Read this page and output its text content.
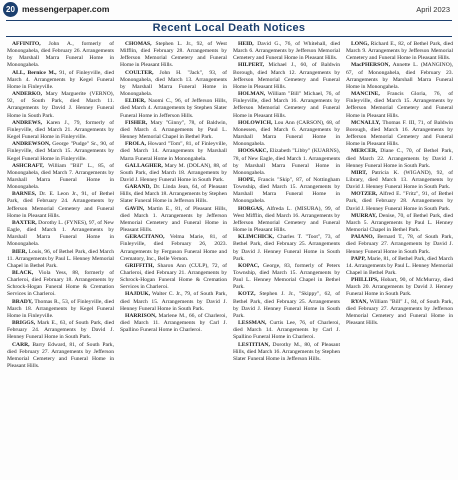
20 messengerpaper.com	April 2023
Recent Local Death Notices

AFFINITO, John A., formerly of Monongahela, died February 26. Arrangements by Marshall Marra Funeral Home in Monongahela.

ALL, Bernice M., 91, of Finleyville, died March 4. Arrangements by Kegel Funeral Home in Finleyville.

ANDERKO, Mary Marguerite (VERNO), 92, of South Park, died March 11. Arrangements by David J. Henney Funeral Home in South Park.

ANDREWS, Karen J., 79, formerly of Finleyville, died March 21. Arrangements by Kegel Funeral Home in Finleyville.

ANDREWSON, George "Pudge" Sr., 90, of Finleyville, died March 15. Arrangements by Kegel Funeral Home in Finleyville.

ASHCRAFT, William "Bill" L., 85, of Monongahela, died March 7. Arrangements by Marshall Marra Funeral Home in Monongahela.

BARNES, Dr. E. Leon Jr., 91, of Bethel Park, died February 24. Arrangements by Jefferson Memorial Cemetery and Funeral Home in Pleasant Hills.

BAXTER, Dorothy L. (FYNES), 97, of New Eagle, died March 1. Arrangements by Marshall Marra Funeral Home in Monongahela.

BIER, Louis, 96, of Bethel Park, died March 11. Arrangements by Paul L. Henney Memorial Chapel in Bethel Park.

BLACK, Viola Yess, 88, formerly of Charleroi, died February 18. Arrangements by Schrock-Hogan Funeral Home & Cremation Services in Charleroi.

BRADY, Thomas R., 53, of Finleyville, died March 18. Arrangements by Kegel Funeral Home in Finleyville.

BRIGGS, Mark E., 63, of South Park, died February 24. Arrangements by David J. Henney Funeral Home in South Park.

CARR, Barry Edward, 81, of South Park, died February 27. Arrangements by Jefferson Memorial Cemetery and Funeral Home in Pleasant Hills.

CHOMAS, Stephen L. Jr., 92, of West Mifflin, died February 28. Arrangements by Jefferson Memorial Cemetery and Funeral Home in Pleasant Hills.

COULTER, John H. "Jack", 93, of Monongahela, died March 13. Arrangements by Marshall Marra Funeral Home in Monongahela.

ELDER, Naomi C., 96, of Jefferson Hills, died March 4. Arrangements by Stephen Slater Funeral Home in Jefferson Hills.

FISHER, Mary "Ginny", 78, of Baldwin, died March 4. Arrangements by Paul L. Henney Memorial Chapel in Bethel Park.

FROLA, Howard "Tom", 81, of Finleyville, died March 14. Arrangements by Marshall Marra Funeral Home in Monongahela.

GALLAGHER, Mary M. (DOLAN), 88, of South Park, died March 18. Arrangements by David J. Henney Funeral Home in South Park.

GARAND, Dr. Linda Jean, 64, of Pleasant Hills, died March 18. Arrangements by Stephen Slater Funeral Home in Jefferson Hills.

GAVIN, Martin E., 81, of Pleasant Hills, died March 1. Arrangements by Jefferson Memorial Cemetery and Funeral Home in Pleasant Hills.

GERACITANO, Velma Marie, 81, of Finleyville, died February 26, 2023. Arrangements by Ferguson Funeral Home and Crematory, Inc., Belle Vernon.

GRIFFITH, Sharon Ann (CULP), 72, of Charleroi, died February 21. Arrangements by Schrock-Hogan Funeral Home & Cremation Services in Charleroi.

HAJDUK, Walter C. Jr., 79, of South Park, died March 15. Arrangements by David J. Henney Funeral Home in South Park.

HARRISON, Marlene M., 66, of Charleroi, died March 11. Arrangements by Carl J. Spallino Funeral Home in Charleroi.

HEID, David G., 76, of Whitehall, died March 6. Arrangements by Jefferson Memorial Cemetery and Funeral Home in Pleasant Hills.

HILPERT, Michael J., 60, of Baldwin Borough, died March 12. Arrangements by Jefferson Memorial Cemetery and Funeral Home in Pleasant Hills.

HOLMAN, William "Bill" Michael, 76, of Finleyville, died March 16. Arrangements by Jefferson Memorial Cemetery and Funeral Home in Pleasant Hills.

HOLOWICH, Lou Ann (CARSON), 68, of Monessen, died March 6. Arrangements by Marshall Marra Funeral Home in Monongahela.

HOOSAKC, Elizabeth "Libby" (KUARNS), 78, of New Eagle, died March 1. Arrangements by Marshall Marra Funeral Home in Monongahela.

HOPE, Francis "Skip", 87, of Nottingham Township, died March 15. Arrangements by Marshall Marra Funeral Home in Monongahela.

HORGAS, Alfreda L. (MISURA), 99, of West Mifflin, died March 16. Arrangements by Jefferson Memorial Cemetery and Funeral Home in Pleasant Hills.

KLIMCHICK, Charles T. "Toot", 73, of Bethel Park, died February 25. Arrangements by David J. Henney Funeral Home in South Park.

KOPAC, George, 83, formerly of Peters Township, died March 15. Arrangements by Paul L. Henney Memorial Chapel in Bethel Park.

KOTZ, Stephen J. Jr., "Skippy", 62, of Bethel Park, died February 25. Arrangements by David J. Henney Funeral Home in South Park.

LESSMAN, Curtis Lee, 76, of Charleroi, died March 14. Arrangements by Carl J. Spallino Funeral Home in Charleroi.

LESTITIAN, Dorothy M., 80, of Pleasant Hills, died March 16. Arrangements by Stephen Slater Funeral Home in Jefferson Hills.

LONG, Richard E., 82, of Bethel Park, died March 9. Arrangements by Jefferson Memorial Cemetery and Funeral Home in Pleasant Hills.

MacPHERSON, Annette L. (MANGINO), 67, of Monongahela, died February 23. Arrangements by Marshall Marra Funeral Home in Monongahela.

MANCINE, Francis Gloria, 76, of Finleyville, died March 15. Arrangements by Jefferson Memorial Cemetery and Funeral Home in Pleasant Hills.

MCNALLY, Thomas F. III, 71, of Baldwin Borough, died March 16. Arrangements by Jefferson Memorial Cemetery and Funeral Home in Pleasant Hills.

MERCER, Diane C., 70, of Bethel Park, died March 22. Arrangements by David J. Henney Funeral Home in South Park.

MIRT, Patricia K. (WIGAND), 92, of Library, died March 13. Arrangements by David J. Henney Funeral Home in South Park.

MOTZER, Alfred E. "Fritz", 91, of Bethel Park, died February 28. Arrangements by David J. Henney Funeral Home in South Park.

MURRAY, Denise, 70, of Bethel Park, died March 5. Arrangements by Paul L. Henney Memorial Chapel in Bethel Park.

PAIANO, Bernard T., 78, of South Park, died February 27. Arrangements by David J. Henney Funeral Home in South Park.

PAPP, Marie, 81, of Bethel Park, died March 14. Arrangements by Paul L. Henney Memorial Chapel in Bethel Park.

PHILLIPS, Hobart, 90, of McMurray, died March 20. Arrangements by David J. Henney Funeral Home in South Park.

RYAN, William "Bill" J., 84, of South Park, died February 27. Arrangements by Jefferson Memorial Cemetery and Funeral Home in Pleasant Hills.
